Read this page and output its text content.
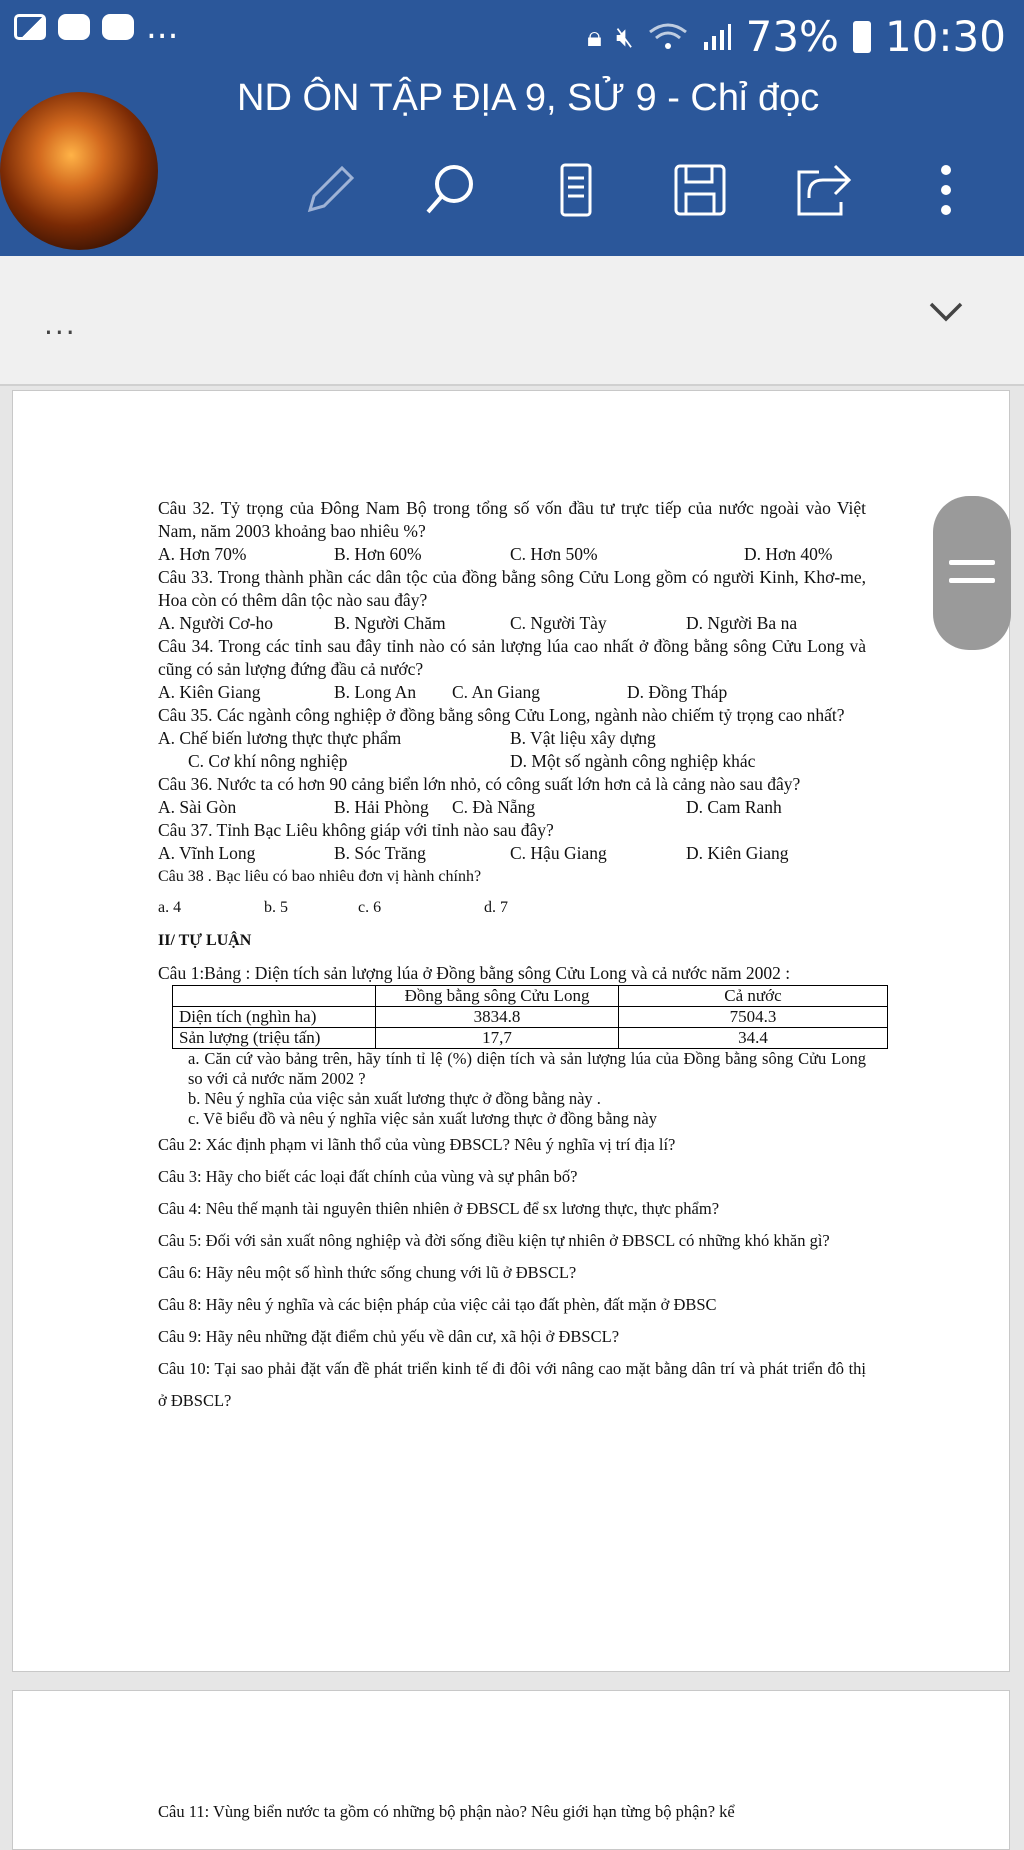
...	🔒︎ 🔇︎	73% 10:30
ND ÔN TẬP ĐỊA 9, SỬ 9 - Chỉ đọc
...

Câu 32. Tỷ trọng của Đông Nam Bộ trong tổng số vốn đầu tư trực tiếp của nước ngoài vào Việt Nam, năm 2003 khoảng bao nhiêu %?

A. Hơn 70%	B. Hơn 60%	C. Hơn 50%	D. Hơn 40%

Câu 33. Trong thành phần các dân tộc của đồng bằng sông Cửu Long gồm có người Kinh, Khơ-me, Hoa còn có thêm dân tộc nào sau đây?

A. Người Cơ-ho	B. Người Chăm	C. Người Tày	D. Người Ba na

Câu 34. Trong các tỉnh sau đây tỉnh nào có sản lượng lúa cao nhất ở đồng bằng sông Cửu Long và cũng có sản lượng đứng đầu cả nước?

A. Kiên Giang	B. Long An	C. An Giang	D. Đồng Tháp

Câu 35. Các ngành công nghiệp ở đồng bằng sông Cửu Long, ngành nào chiếm tỷ trọng cao nhất?

A. Chế biến lương thực thực phẩm	B. Vật liệu xây dựng
C. Cơ khí nông nghiệp	D. Một số ngành công nghiệp khác

Câu 36. Nước ta có hơn 90 cảng biển lớn nhỏ, có công suất lớn hơn cả là cảng nào sau đây?

A. Sài Gòn	B. Hải Phòng	C. Đà Nẵng	D. Cam Ranh

Câu 37. Tỉnh Bạc Liêu không giáp với tỉnh nào sau đây?

A. Vĩnh Long	B. Sóc Trăng	C. Hậu Giang	D. Kiên Giang

Câu 38 . Bạc liêu có bao nhiêu đơn vị hành chính?

a. 4	b. 5	c. 6	d. 7

II/ TỰ LUẬN

Câu 1:Bảng : Diện tích sản lượng lúa ở Đồng bằng sông Cửu Long và cả nước năm 2002 :

	Đồng bằng sông Cửu Long	Cả nước
Diện tích (nghìn ha)	3834.8	7504.3
Sản lượng (triệu tấn)	17,7	34.4

a. Căn cứ vào bảng trên, hãy tính tỉ lệ (%) diện tích và sản lượng lúa của Đồng bằng sông Cửu Long so với cả nước năm 2002 ?

b. Nêu ý nghĩa của việc sản xuất lương thực ở đồng bằng này .

c. Vẽ biểu đồ và nêu ý nghĩa việc sản xuất lương thực ở đồng bằng này

Câu 2: Xác định phạm vi lãnh thổ của vùng ĐBSCL? Nêu ý nghĩa vị trí địa lí?

Câu 3: Hãy cho biết các loại đất chính của vùng và sự phân bố?

Câu 4: Nêu thế mạnh tài nguyên thiên nhiên ở ĐBSCL để sx lương thực, thực phẩm?

Câu 5: Đối với sản xuất nông nghiệp và đời sống điều kiện tự nhiên ở ĐBSCL có những khó khăn gì?

Câu 6: Hãy nêu một số hình thức sống chung với lũ ở ĐBSCL?

Câu 8: Hãy nêu ý nghĩa và các biện pháp của việc cải tạo đất phèn, đất mặn ở ĐBSC

Câu 9: Hãy nêu những đặt điểm chủ yếu về dân cư, xã hội ở ĐBSCL?

Câu 10: Tại sao phải đặt vấn đề phát triển kinh tế đi đôi với nâng cao mặt bằng dân trí và phát triển đô thị ở ĐBSCL?

Câu 11: Vùng biển nước ta gồm có những bộ phận nào? Nêu giới hạn từng bộ phận? kể
